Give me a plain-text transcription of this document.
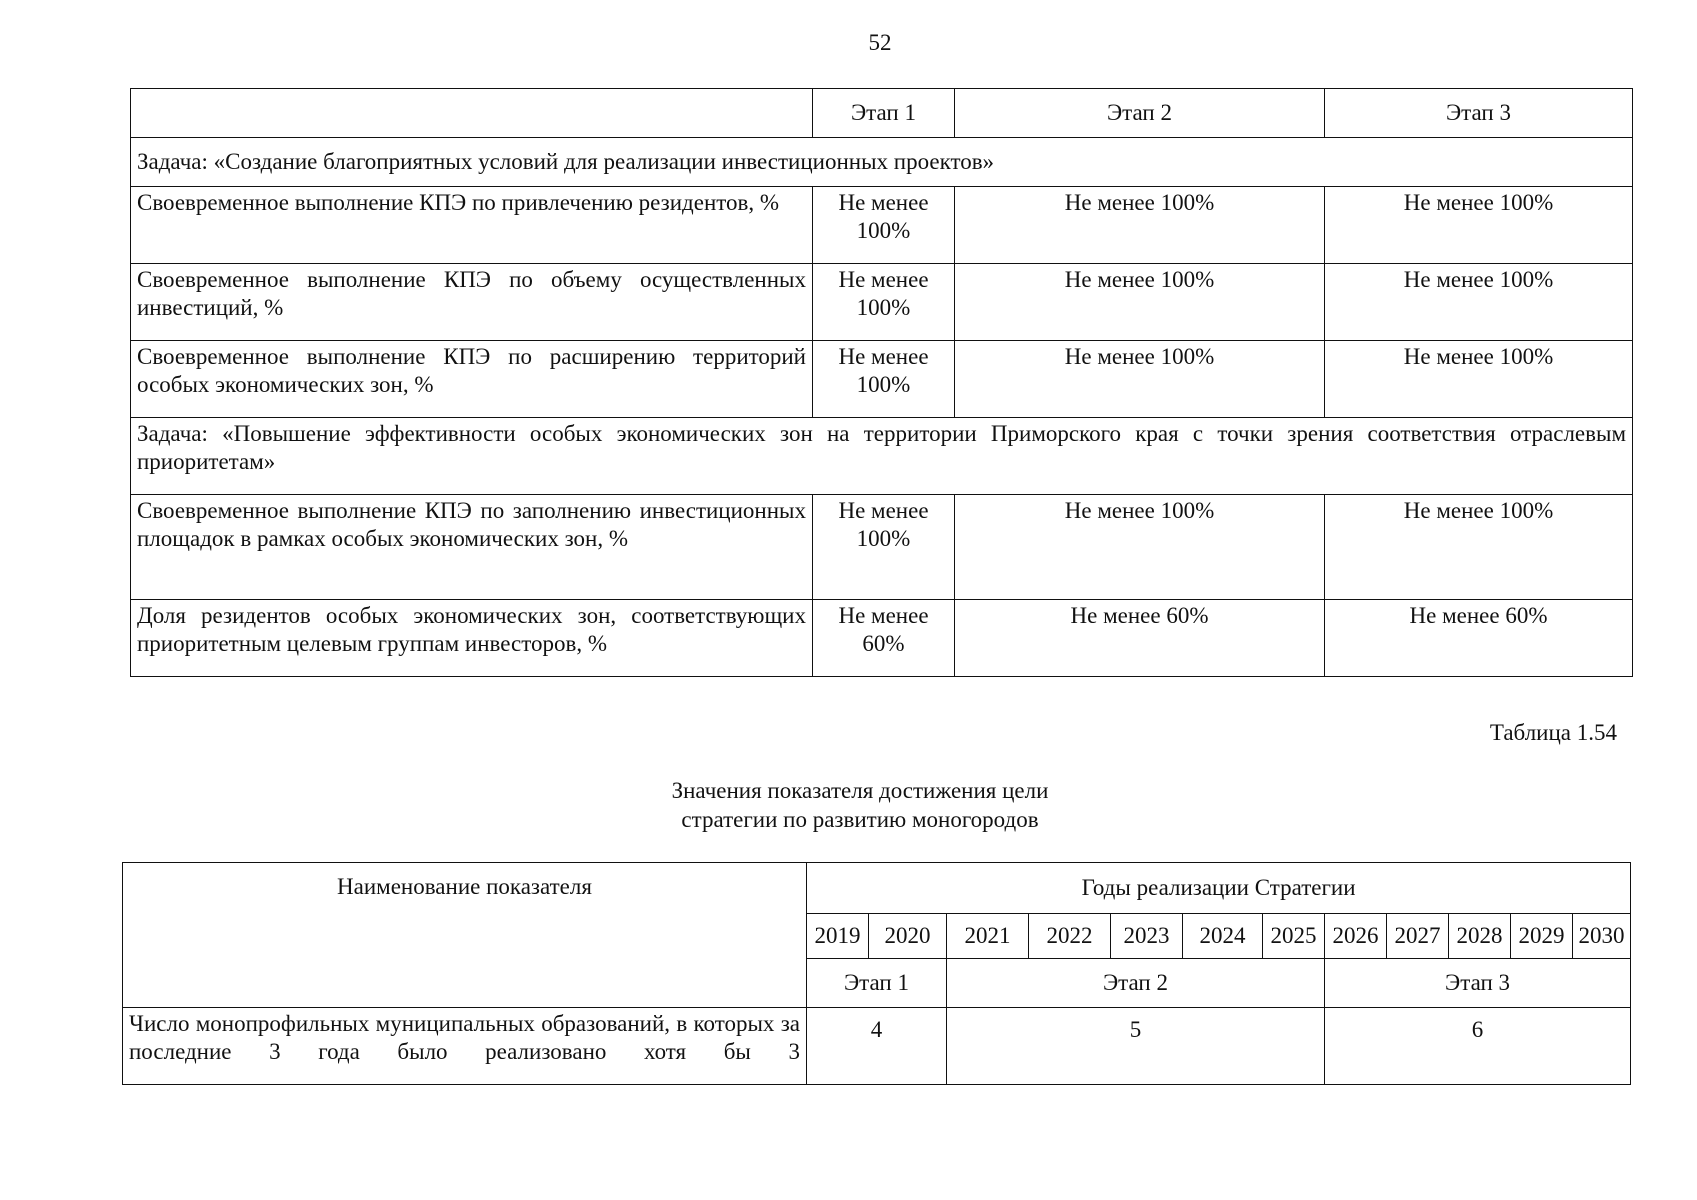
52
	Этап 1	Этап 2	Этап 3
Задача: «Создание благоприятных условий для реализации инвестиционных проектов»			
Своевременное выполнение КПЭ по привлечению резидентов, %	Не менее 100%	Не менее 100%	Не менее 100%
Своевременное выполнение КПЭ по объему осуществленных инвестиций, %	Не менее 100%	Не менее 100%	Не менее 100%
Своевременное выполнение КПЭ по расширению территорий особых экономических зон, %	Не менее 100%	Не менее 100%	Не менее 100%
Задача: «Повышение эффективности особых экономических зон на территории Приморского края с точки зрения соответствия отраслевым приоритетам»			
Своевременное выполнение КПЭ по заполнению инвестиционных площадок в рамках особых экономических зон, %	Не менее 100%	Не менее 100%	Не менее 100%
Доля резидентов особых экономических зон, соответствующих приоритетным целевым группам инвесторов, %	Не менее 60%	Не менее 60%	Не менее 60%
Таблица 1.54
Значения показателя достижения цели
стратегии по развитию моногородов
Наименование показателя	Годы реализации Стратегии											
	2019	2020	2021	2022	2023	2024	2025	2026	2027	2028	2029	2030
	Этап 1		Этап 2					Этап 3				
Число монопрофильных муниципальных образований, в которых за последние 3 года было реализовано хотя бы 3	4		5					6				
